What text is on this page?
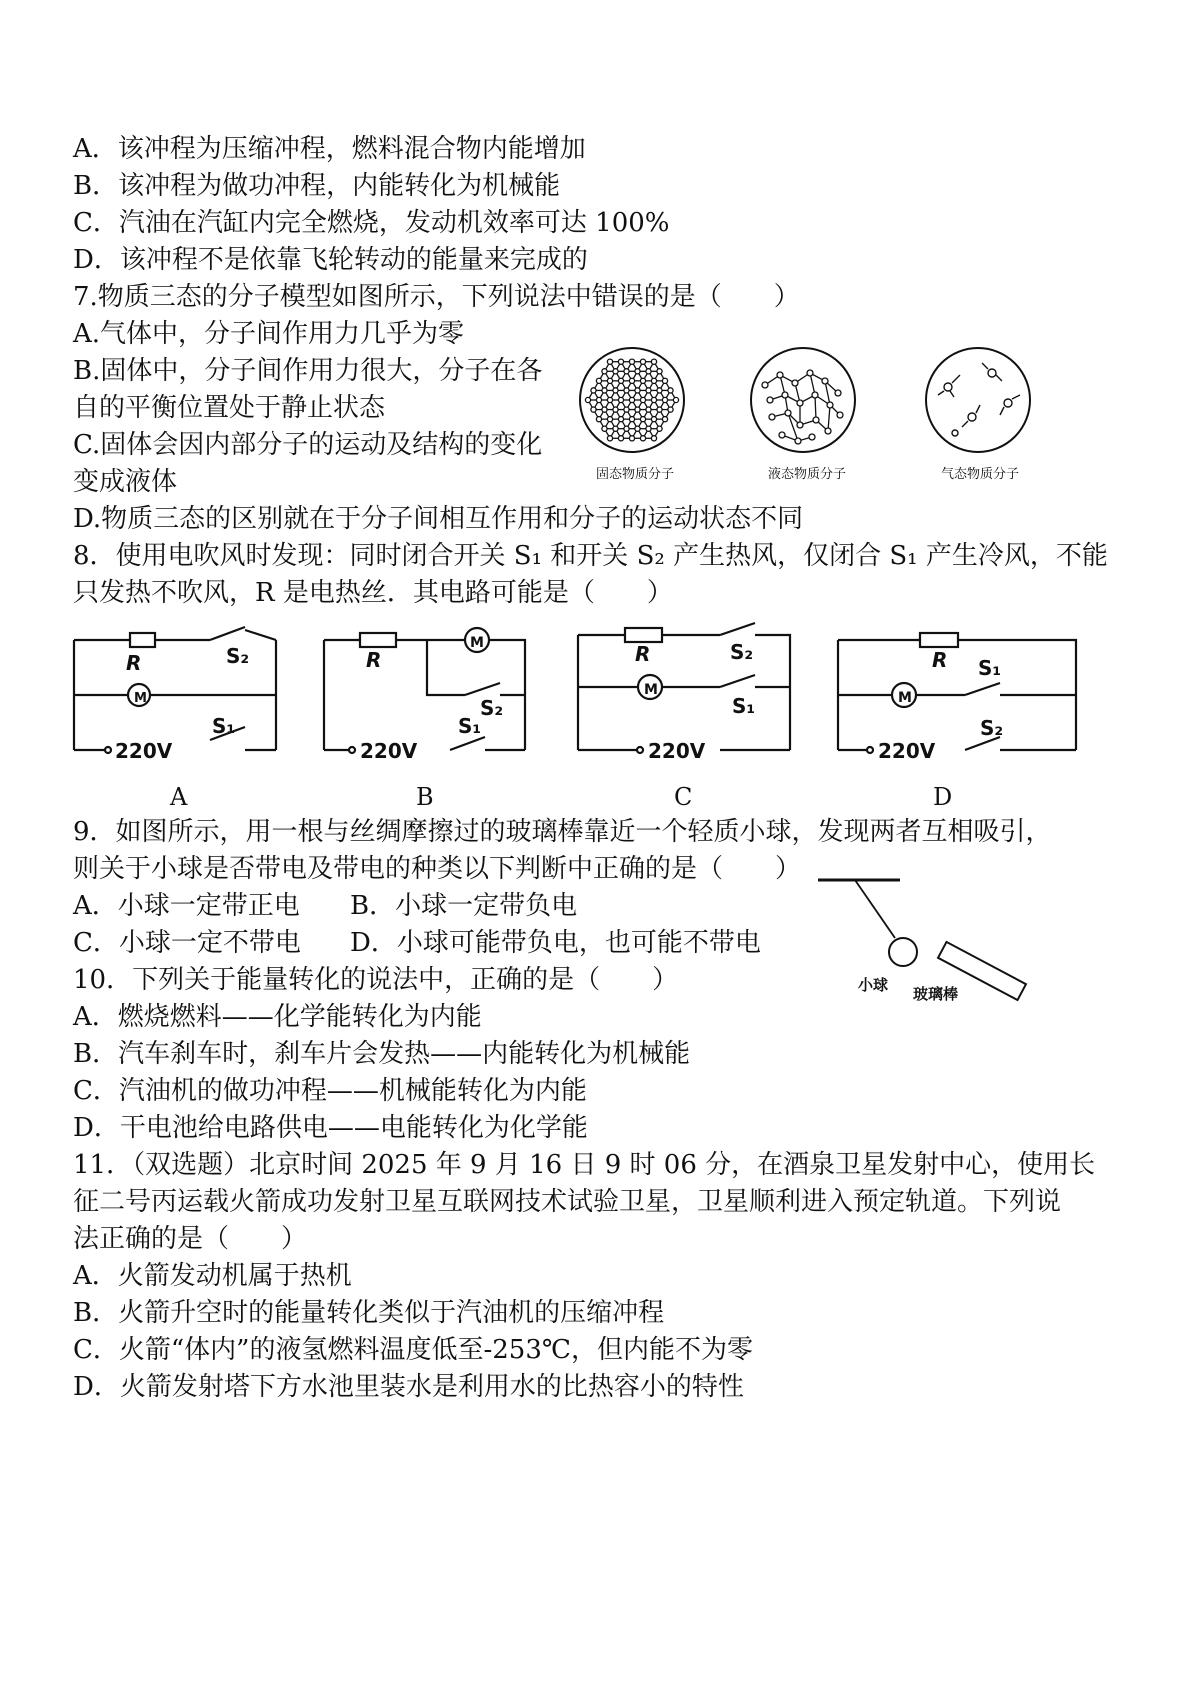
A．该冲程为压缩冲程，燃料混合物内能增加
B．该冲程为做功冲程，内能转化为机械能
C．汽油在汽缸内完全燃烧，发动机效率可达 100%
D．该冲程不是依靠飞轮转动的能量来完成的
7.物质三态的分子模型如图所示，下列说法中错误的是（　　）
A.气体中，分子间作用力几乎为零
B.固体中，分子间作用力很大，分子在各
自的平衡位置处于静止状态
C.固体会因内部分子的运动及结构的变化
变成液体
D.物质三态的区别就在于分子间相互作用和分子的运动状态不同
固态物质分子	液态物质分子	气态物质分子
8．使用电吹风时发现：同时闭合开关 S₁ 和开关 S₂ 产生热风，仅闭合 S₁ 产生冷风，不能
只发热不吹风，R 是电热丝．其电路可能是（　　）
R
M
S₂
S₁
220V
R
M
S₂
S₁
220V
R
M
S₂
S₁
220V
R
M
S₁
S₂
220V
A	B	C	D
9．如图所示，用一根与丝绸摩擦过的玻璃棒靠近一个轻质小球，发现两者互相吸引，
则关于小球是否带电及带电的种类以下判断中正确的是（　　）
A．小球一定带正电 B．小球一定带负电
C．小球一定不带电 D．小球可能带负电，也可能不带电
小球 玻璃棒
10．下列关于能量转化的说法中，正确的是（　　）
A．燃烧燃料——化学能转化为内能
B．汽车刹车时，刹车片会发热——内能转化为机械能
C．汽油机的做功冲程——机械能转化为内能
D．干电池给电路供电——电能转化为化学能
11．（双选题）北京时间 2025 年 9 月 16 日 9 时 06 分，在酒泉卫星发射中心，使用长
征二号丙运载火箭成功发射卫星互联网技术试验卫星，卫星顺利进入预定轨道。下列说
法正确的是（　　）
A．火箭发动机属于热机
B．火箭升空时的能量转化类似于汽油机的压缩冲程
C．火箭“体内”的液氢燃料温度低至-253℃，但内能不为零
D．火箭发射塔下方水池里装水是利用水的比热容小的特性
